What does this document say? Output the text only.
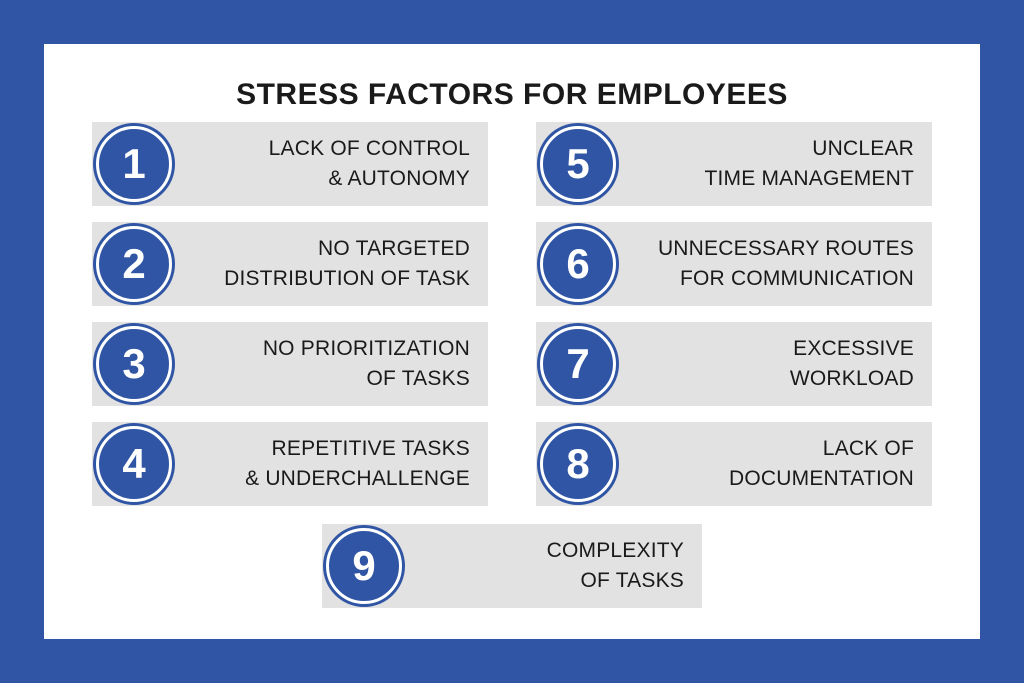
STRESS FACTORS FOR EMPLOYEES
1	LACK OF CONTROL
& AUTONOMY	5	UNCLEAR
TIME MANAGEMENT
2	NO TARGETED
DISTRIBUTION OF TASK	6	UNNECESSARY ROUTES
FOR COMMUNICATION
3	NO PRIORITIZATION
OF TASKS	7	EXCESSIVE
WORKLOAD
4	REPETITIVE TASKS
& UNDERCHALLENGE	8	LACK OF
DOCUMENTATION
9	COMPLEXITY
OF TASKS
